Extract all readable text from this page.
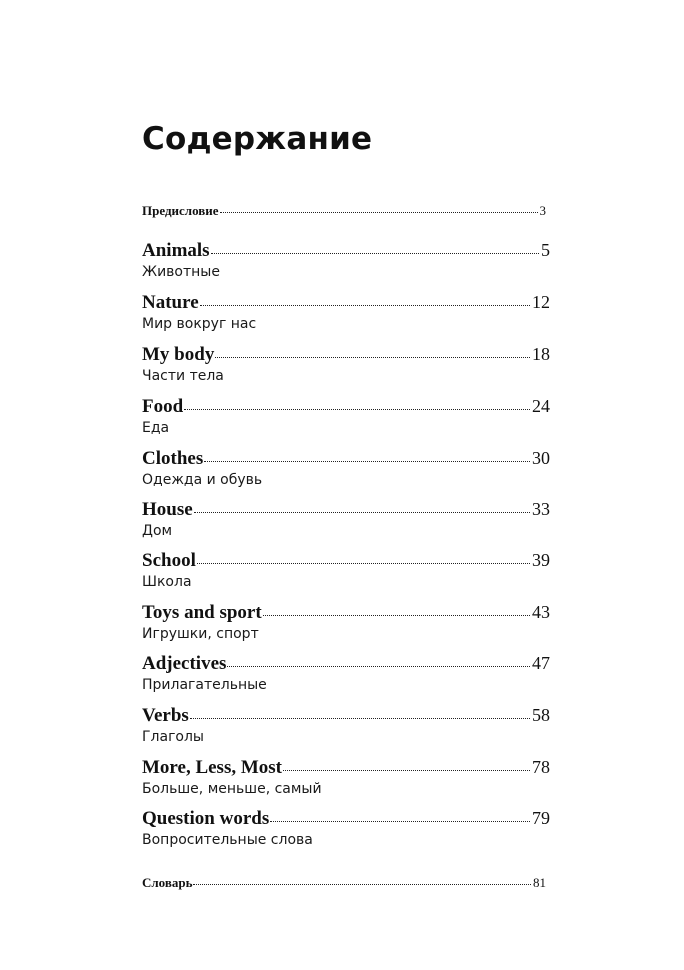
Содержание
Предисловие	3
Animals	5
Животные
Nature	12
Мир вокруг нас
My body	18
Части тела
Food	24
Еда
Clothes	30
Одежда и обувь
House	33
Дом
School	39
Школа
Toys and sport	43
Игрушки, спорт
Adjectives	47
Прилагательные
Verbs	58
Глаголы
More, Less, Most	78
Больше, меньше, самый
Question words	79
Вопросительные слова
Словарь	81
